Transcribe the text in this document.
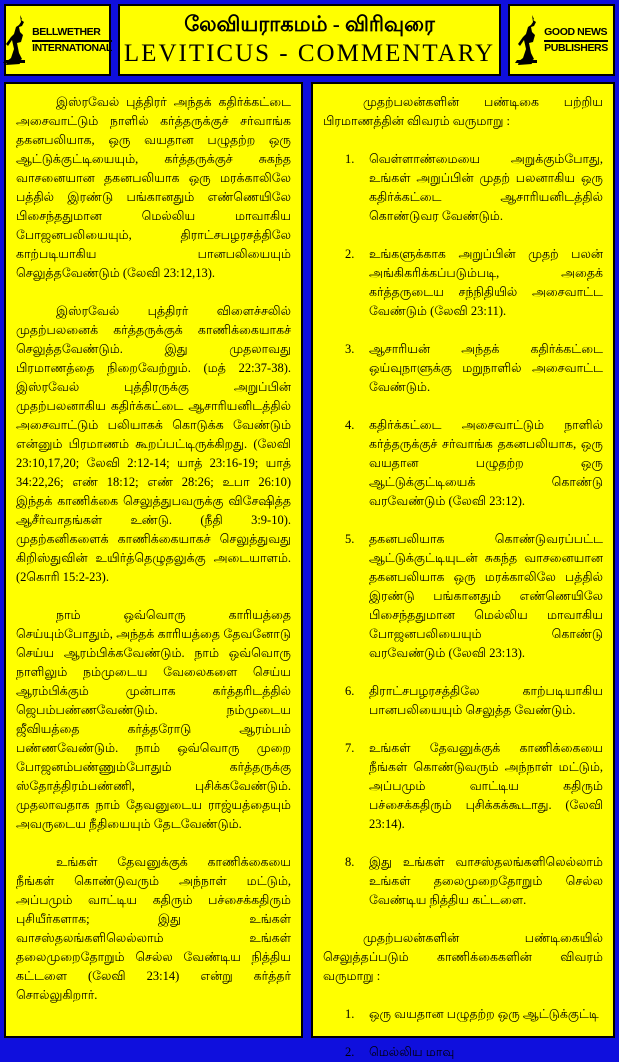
BELLWETHER
INTERNATIONAL
லேவியராகமம் - விரிவுரை
LEVITICUS - COMMENTARY
GOOD NEWS
PUBLISHERS

இஸ்ரவேல் புத்திரர் அந்தக் கதிர்க்கட்டை அசைவாட்டும் நாளில் கர்த்தருக்குச் சர்வாங்க தகனபலியாக, ஒரு வயதான பழுதற்ற ஒரு ஆட்டுக்குட்டியையும், கர்த்தருக்குச் சுகந்த வாசனையான தகனபலியாக ஒரு மரக்காலிலே பத்தில் இரண்டு பங்கானதும் எண்ணெயிலே பிசைந்ததுமான மெல்லிய மாவாகிய போஜனபலியையும், திராட்சபழரசத்திலே காற்படியாகிய பானபலியையும் செலுத்தவேண்டும் (லேவி 23:12,13).

இஸ்ரவேல் புத்திரர் விளைச்சலில் முதற்பலனைக் கர்த்தருக்குக் காணிக்கையாகச் செலுத்தவேண்டும். இது முதலாவது பிரமாணத்தை நிறைவேற்றும். (மத் 22:37-38). இஸ்ரவேல் புத்திரருக்கு அறுப்பின் முதற்பலனாகிய கதிர்க்கட்டை ஆசாரியனிடத்தில் அசைவாட்டும் பலியாகக் கொடுக்க வேண்டும் என்னும் பிரமாணம் கூறப்பட்டிருக்கிறது. (லேவி 23:10,17,20; லேவி 2:12-14; யாத் 23:16-19; யாத் 34:22,26; எண் 18:12; எண் 28:26; உபா 26:10) இந்தக் காணிக்கை செலுத்துபவருக்கு விசேஷித்த ஆசீர்வாதங்கள் உண்டு. (நீதி 3:9-10). முதற்கனிகளைக் காணிக்கையாகச் செலுத்துவது கிறிஸ்துவின் உயிர்த்தெழுதலுக்கு அடையாளம். (2கொரி 15:2-23).

நாம் ஒவ்வொரு காரியத்தை செய்யும்போதும், அந்தக் காரியத்தை தேவனோடு செய்ய ஆரம்பிக்கவேண்டும். நாம் ஒவ்வொரு நாளிலும் நம்முடைய வேலைகளை செய்ய ஆரம்பிக்கும் முன்பாக கர்த்தரிடத்தில் ஜெபம்பண்ணவேண்டும். நம்முடைய ஜீவியத்தை கர்த்தரோடு ஆரம்பம் பண்ணவேண்டும். நாம் ஒவ்வொரு முறை போஜனம்பண்ணும்போதும் கர்த்தருக்கு ஸ்தோத்திரம்பண்ணி, புசிக்கவேண்டும். முதலாவதாக நாம் தேவனுடைய ராஜ்யத்தையும் அவருடைய நீதியையும் தேடவேண்டும்.

உங்கள் தேவனுக்குக் காணிக்கையை நீங்கள் கொண்டுவரும் அந்நாள் மட்டும், அப்பமும் வாட்டிய கதிரும் பச்சைக்கதிரும் புசியீர்களாக; இது உங்கள் வாசஸ்தலங்களிலெல்லாம் உங்கள் தலைமுறைதோறும் செல்ல வேண்டிய நித்திய கட்டளை (லேவி 23:14) என்று கர்த்தர் சொல்லுகிறார்.

முதற்பலன்களின் பண்டிகை பற்றிய பிரமாணத்தின் விவரம் வருமாறு :

வெள்ளாண்மையை அறுக்கும்போது, உங்கள் அறுப்பின் முதற் பலனாகிய ஒரு கதிர்க்கட்டை ஆசாரியனிடத்தில் கொண்டுவர வேண்டும்.
உங்களுக்காக அறுப்பின் முதற் பலன் அங்கிகரிக்கப்படும்படி, அதைக் கர்த்தருடைய சந்நிதியில் அசைவாட்ட வேண்டும் (லேவி 23:11).
ஆசாரியன் அந்தக் கதிர்க்கட்டை ஒய்வுநாளுக்கு மறுநாளில் அசைவாட்ட வேண்டும்.
கதிர்க்கட்டை அசைவாட்டும் நாளில் கர்த்தருக்குச் சர்வாங்க தகனபலியாக, ஒரு வயதான பழுதற்ற ஒரு ஆட்டுக்குட்டியைக் கொண்டு வரவேண்டும் (லேவி 23:12).
தகனபலியாக கொண்டுவரப்பட்ட ஆட்டுக்குட்டியுடன் சுகந்த வாசனையான தகனபலியாக ஒரு மரக்காலிலே பத்தில் இரண்டு பங்கானதும் எண்ணெயிலே பிசைந்ததுமான மெல்லிய மாவாகிய போஜனபலியையும் கொண்டு வரவேண்டும் (லேவி 23:13).
திராட்சபழரசத்திலே காற்படியாகிய பானபலியையும் செலுத்த வேண்டும்.
உங்கள் தேவனுக்குக் காணிக்கையை நீங்கள் கொண்டுவரும் அந்நாள் மட்டும், அப்பமும் வாட்டிய கதிரும் பச்சைக்கதிரும் புசிக்கக்கூடாது. (லேவி 23:14).
இது உங்கள் வாசஸ்தலங்களிலெல்லாம் உங்கள் தலைமுறைதோறும் செல்ல வேண்டிய நித்திய கட்டளை.

முதற்பலன்களின் பண்டிகையில் செலுத்தப்படும் காணிக்கைகளின் விவரம் வருமாறு :

ஒரு வயதான பழுதற்ற ஒரு ஆட்டுக்குட்டி
மெல்லிய மாவு
